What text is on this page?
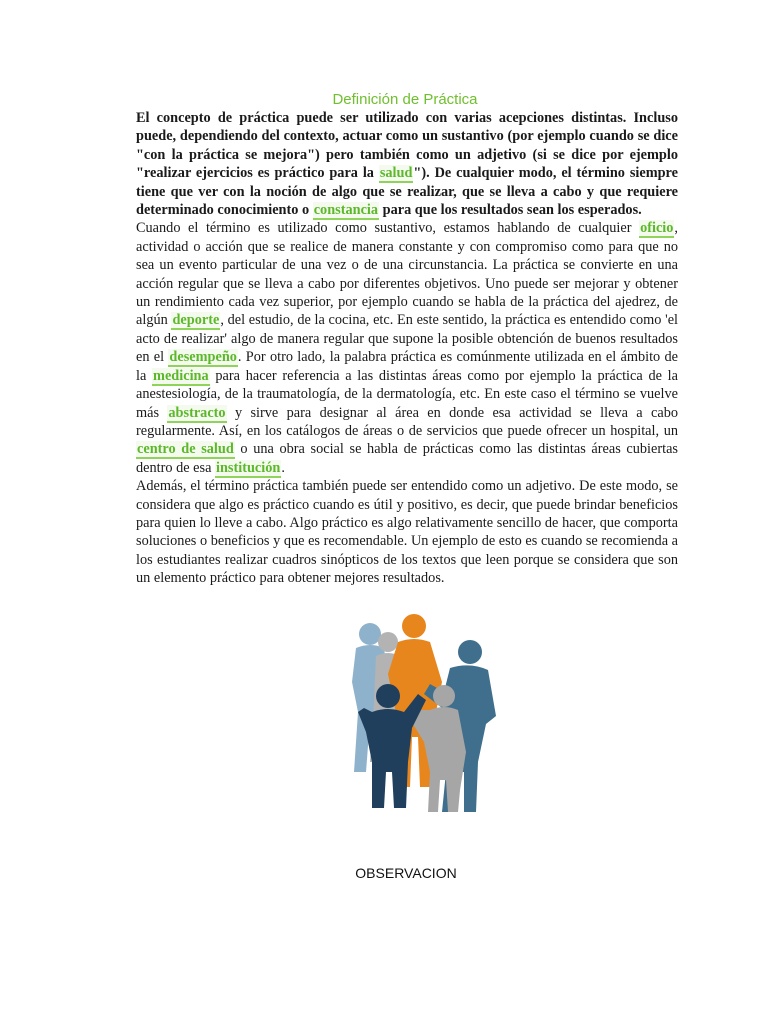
Definición de Práctica

El concepto de práctica puede ser utilizado con varias acepciones distintas. Incluso puede, dependiendo del contexto, actuar como un sustantivo (por ejemplo cuando se dice "con la práctica se mejora") pero también como un adjetivo (si se dice por ejemplo "realizar ejercicios es práctico para la salud"). De cualquier modo, el término siempre tiene que ver con la noción de algo que se realizar, que se lleva a cabo y que requiere determinado conocimiento o constancia para que los resultados sean los esperados.

Cuando el término es utilizado como sustantivo, estamos hablando de cualquier oficio, actividad o acción que se realice de manera constante y con compromiso como para que no sea un evento particular de una vez o de una circunstancia. La práctica se convierte en una acción regular que se lleva a cabo por diferentes objetivos. Uno puede ser mejorar y obtener un rendimiento cada vez superior, por ejemplo cuando se habla de la práctica del ajedrez, de algún deporte, del estudio, de la cocina, etc. En este sentido, la práctica es entendido como 'el acto de realizar' algo de manera regular que supone la posible obtención de buenos resultados en el desempeño. Por otro lado, la palabra práctica es comúnmente utilizada en el ámbito de la medicina para hacer referencia a las distintas áreas como por ejemplo la práctica de la anestesiología, de la traumatología, de la dermatología, etc. En este caso el término se vuelve más abstracto y sirve para designar al área en donde esa actividad se lleva a cabo regularmente. Así, en los catálogos de áreas o de servicios que puede ofrecer un hospital, un centro de salud o una obra social se habla de prácticas como las distintas áreas cubiertas dentro de esa institución.

Además, el término práctica también puede ser entendido como un adjetivo. De este modo, se considera que algo es práctico cuando es útil y positivo, es decir, que puede brindar beneficios para quien lo lleve a cabo. Algo práctico es algo relativamente sencillo de hacer, que comporta soluciones o beneficios y que es recomendable. Un ejemplo de esto es cuando se recomienda a los estudiantes realizar cuadros sinópticos de los textos que leen porque se considera que son un elemento práctico para obtener mejores resultados.

OBSERVACION
